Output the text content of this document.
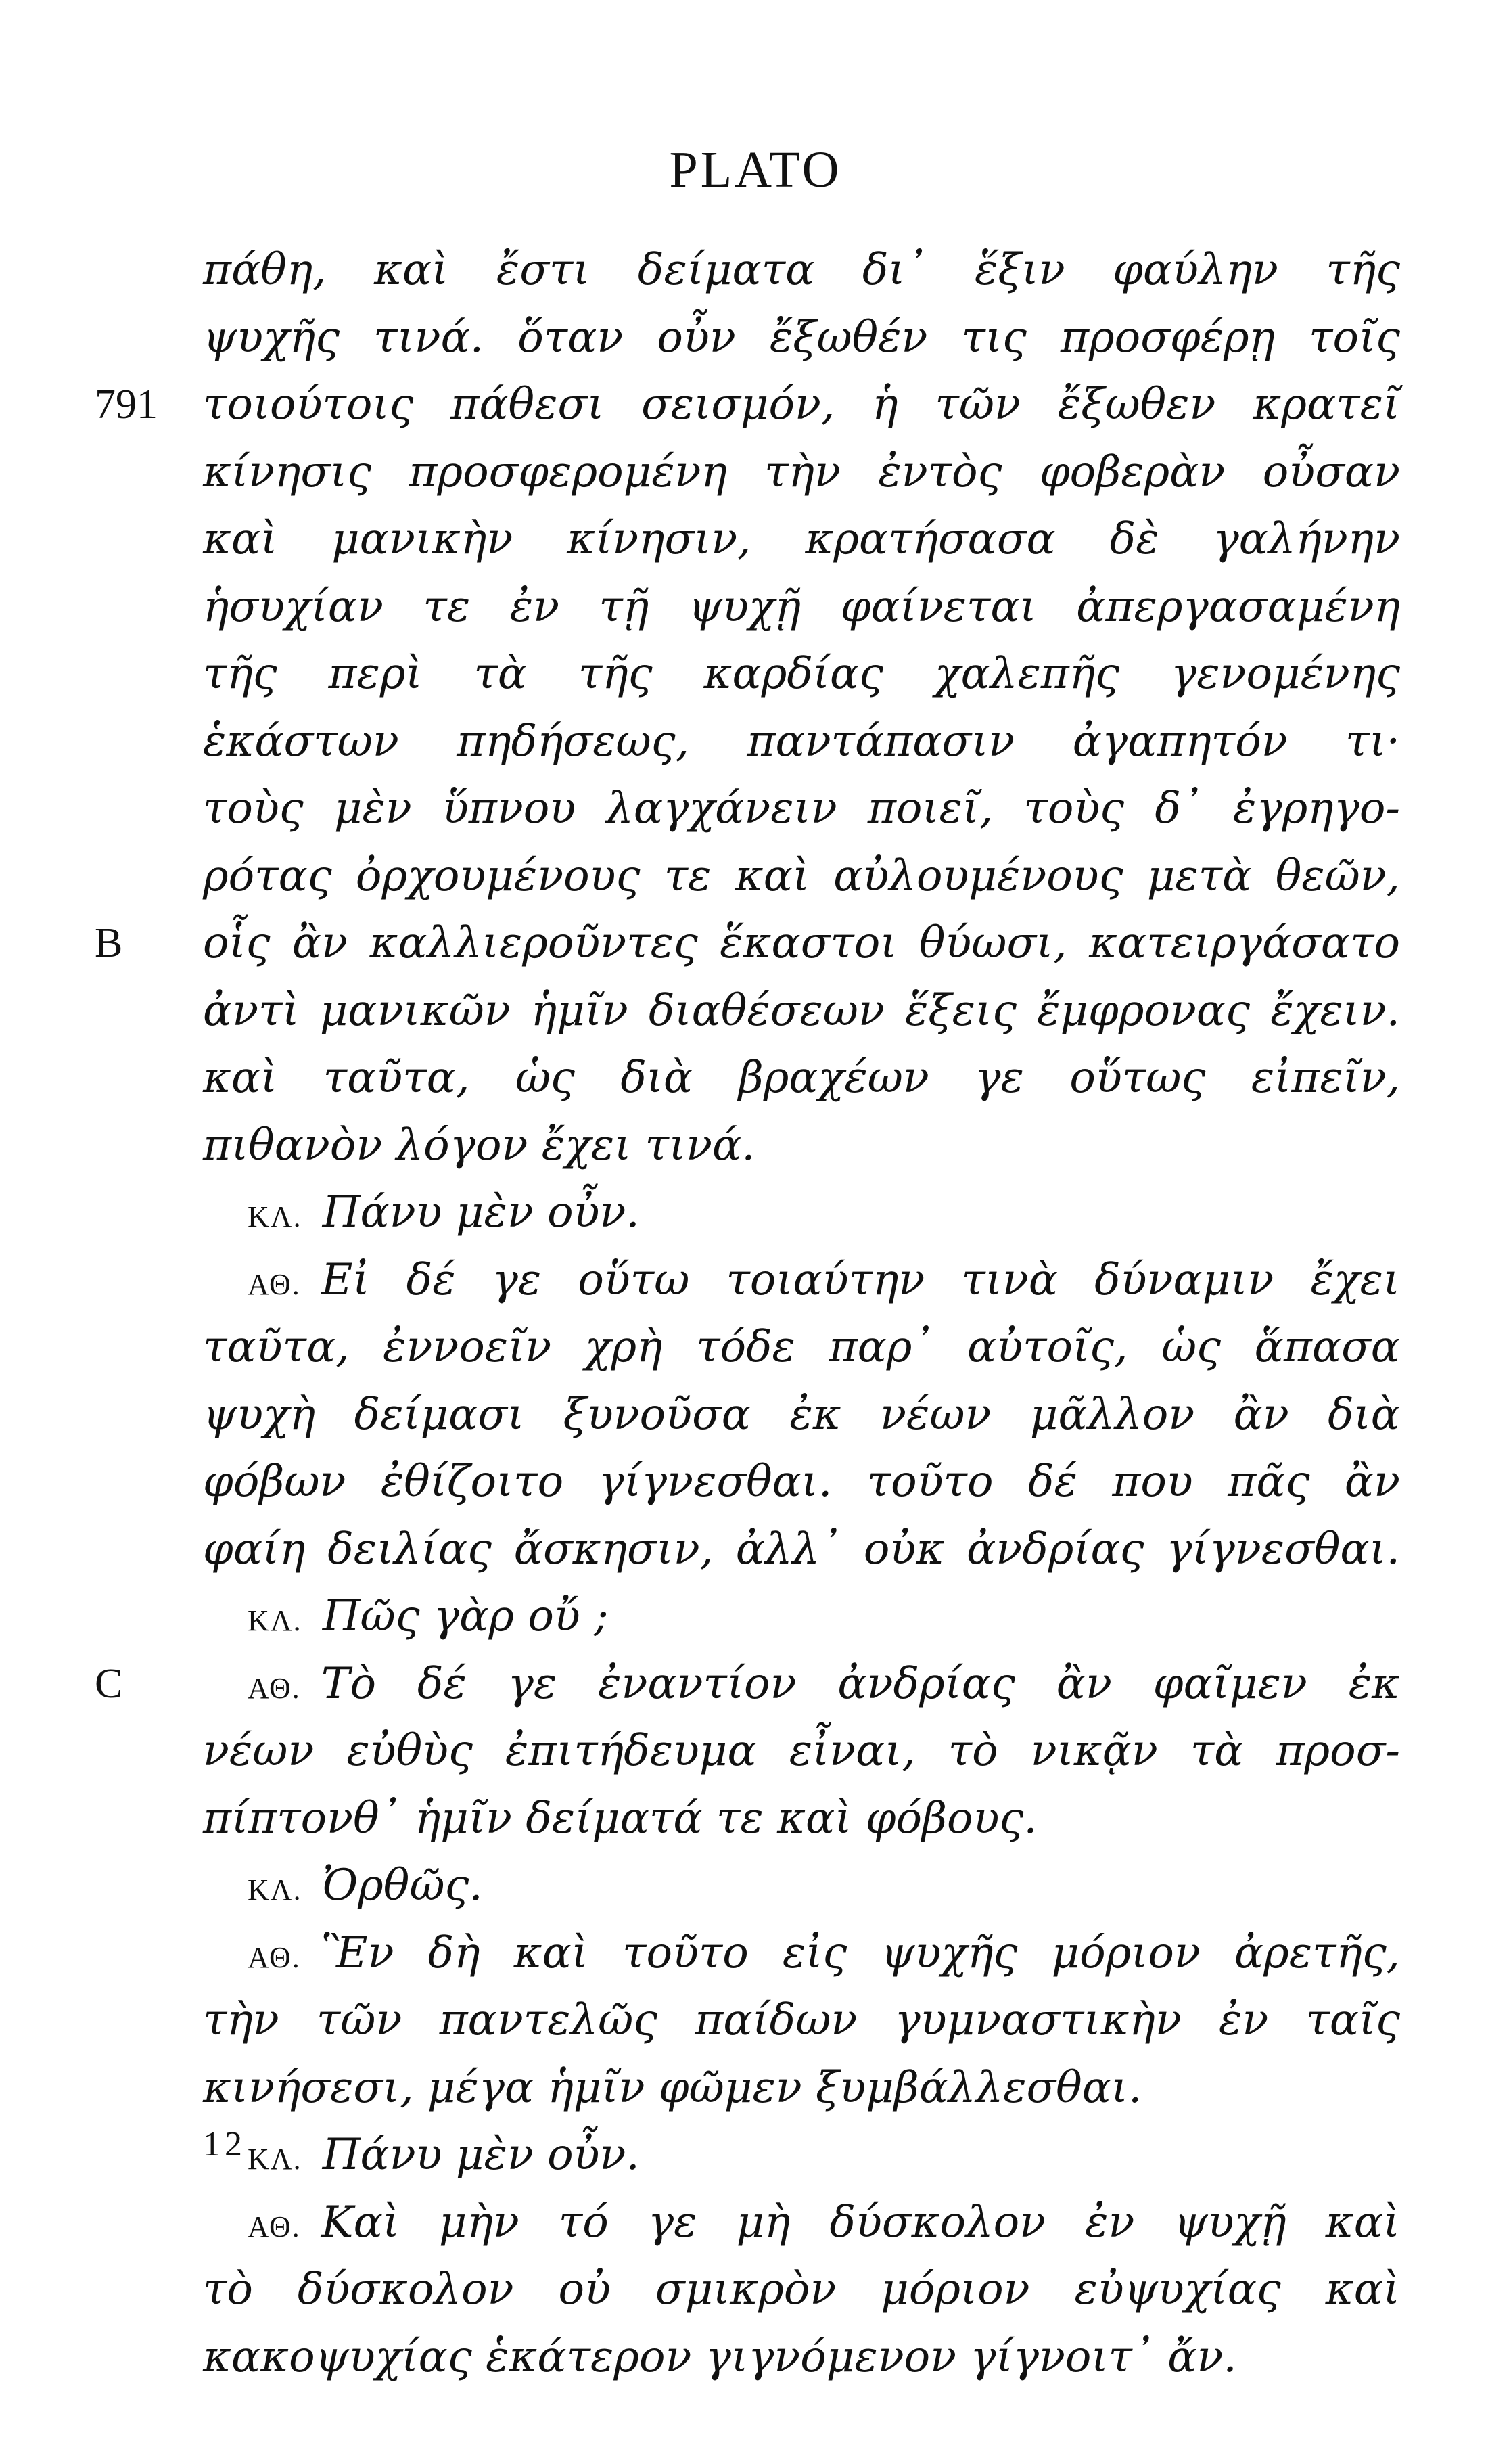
PLATO
πάθη, καὶ ἔστι δείματα δι᾽ ἕξιν φαύλην τῆς
ψυχῆς τινά. ὅταν οὖν ἔξωθέν τις προσφέρῃ τοῖς
791	τοιούτοις πάθεσι σεισμόν, ἡ τῶν ἔξωθεν κρατεῖ
κίνησις προσφερομένη τὴν ἐντὸς φοβερὰν οὖσαν
καὶ μανικὴν κίνησιν, κρατήσασα δὲ γαλήνην
ἡσυχίαν τε ἐν τῇ ψυχῇ φαίνεται ἀπεργασαμένη
τῆς περὶ τὰ τῆς καρδίας χαλεπῆς γενομένης
ἑκάστων πηδήσεως, παντάπασιν ἀγαπητόν τι·
τοὺς μὲν ὕπνου λαγχάνειν ποιεῖ, τοὺς δ᾽ ἐγρηγο-
ρότας ὀρχουμένους τε καὶ αὐλουμένους μετὰ θεῶν,
B	οἷς ἂν καλλιεροῦντες ἕκαστοι θύωσι, κατειργάσατο
ἀντὶ μανικῶν ἡμῖν διαθέσεων ἕξεις ἔμφρονας ἔχειν.
καὶ ταῦτα, ὡς διὰ βραχέων γε οὕτως εἰπεῖν,
πιθανὸν λόγον ἔχει τινά.
ΚΛ. Πάνυ μὲν οὖν.
ΑΘ. Εἰ δέ γε οὕτω τοιαύτην τινὰ δύναμιν ἔχει
ταῦτα, ἐννοεῖν χρὴ τόδε παρ᾽ αὐτοῖς, ὡς ἅπασα
ψυχὴ δείμασι ξυνοῦσα ἐκ νέων μᾶλλον ἂν διὰ
φόβων ἐθίζοιτο γίγνεσθαι. τοῦτο δέ που πᾶς ἂν
φαίη δειλίας ἄσκησιν, ἀλλ᾽ οὐκ ἀνδρίας γίγνεσθαι.
ΚΛ. Πῶς γὰρ οὔ ;
C	ΑΘ. Τὸ δέ γε ἐναντίον ἀνδρίας ἂν φαῖμεν ἐκ
νέων εὐθὺς ἐπιτήδευμα εἶναι, τὸ νικᾷν τὰ προσ-
πίπτονθ᾽ ἡμῖν δείματά τε καὶ φόβους.
ΚΛ. Ὀρθῶς.
ΑΘ. Ἓν δὴ καὶ τοῦτο εἰς ψυχῆς μόριον ἀρετῆς,
τὴν τῶν παντελῶς παίδων γυμναστικὴν ἐν ταῖς
κινήσεσι, μέγα ἡμῖν φῶμεν ξυμβάλλεσθαι.
ΚΛ. Πάνυ μὲν οὖν.
ΑΘ. Καὶ μὴν τό γε μὴ δύσκολον ἐν ψυχῇ καὶ
τὸ δύσκολον οὐ σμικρὸν μόριον εὐψυχίας καὶ
κακοψυχίας ἑκάτερον γιγνόμενον γίγνοιτ᾽ ἄν.
12
